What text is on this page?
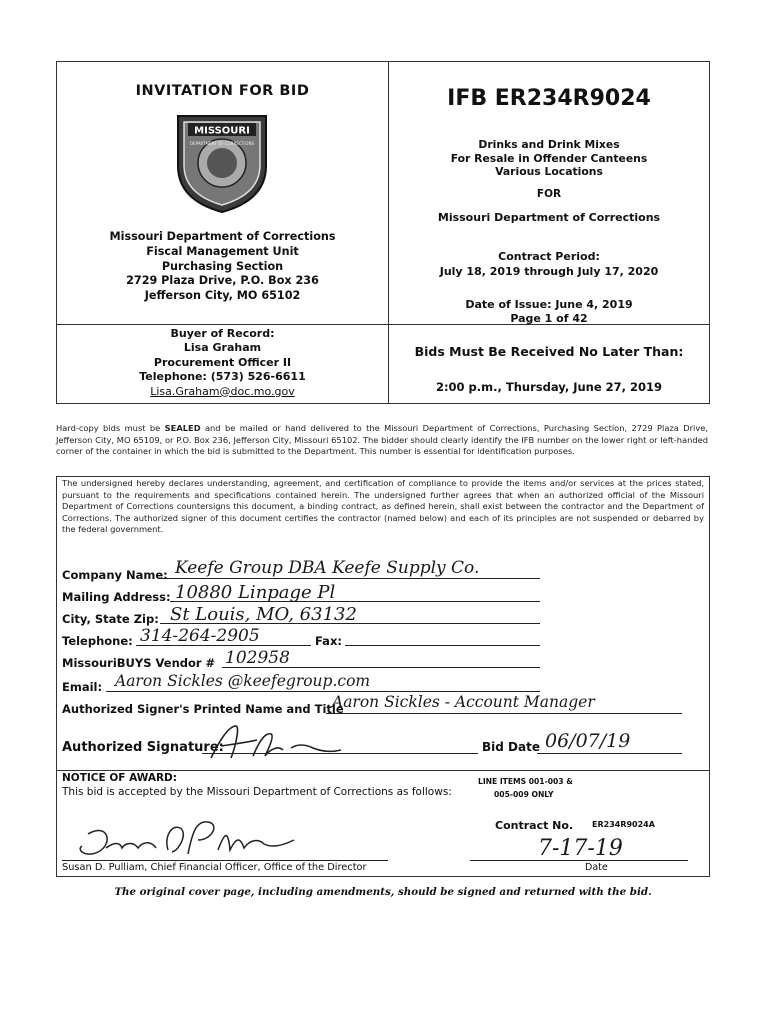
INVITATION FOR BID
MISSOURI
DEPARTMENT OF CORRECTIONS
Missouri Department of Corrections
Fiscal Management Unit
Purchasing Section
2729 Plaza Drive, P.O. Box 236
Jefferson City, MO 65102
Buyer of Record:
Lisa Graham
Procurement Officer II
Telephone: (573) 526-6611
Lisa.Graham@doc.mo.gov
IFB ER234R9024
Drinks and Drink Mixes
For Resale in Offender Canteens
Various Locations
FOR
Missouri Department of Corrections
Contract Period:
July 18, 2019 through July 17, 2020
Date of Issue: June 4, 2019
Page 1 of 42
Bids Must Be Received No Later Than:
2:00 p.m., Thursday, June 27, 2019
Hard-copy bids must be SEALED and be mailed or hand delivered to the Missouri Department of Corrections, Purchasing Section, 2729 Plaza Drive, Jefferson City, MO 65109, or P.O. Box 236, Jefferson City, Missouri 65102. The bidder should clearly identify the IFB number on the lower right or left-handed corner of the container in which the bid is submitted to the Department. This number is essential for identification purposes.
The undersigned hereby declares understanding, agreement, and certification of compliance to provide the items and/or services at the prices stated, pursuant to the requirements and specifications contained herein. The undersigned further agrees that when an authorized official of the Missouri Department of Corrections countersigns this document, a binding contract, as defined herein, shall exist between the contractor and the Department of Corrections. The authorized signer of this document certifies the contractor (named below) and each of its principles are not suspended or debarred by the federal government.
Company Name: Keefe Group DBA Keefe Supply Co.
Mailing Address: 10880 Linpage Pl
City, State Zip: St Louis, MO, 63132
Telephone: 314-264-2905	Fax:
MissouriBUYS Vendor # 102958
Email: Aaron Sickles @keefegroup.com
Authorized Signer's Printed Name and Title
Aaron Sickles - Account Manager
Authorized Signature:	Bid Date 06/07/19
NOTICE OF AWARD:
This bid is accepted by the Missouri Department of Corrections as follows:
LINE ITEMS 001-003 &
005-009 ONLY
Contract No. ER234R9024A
Susan D. Pulliam, Chief Financial Officer, Office of the Director
7-17-19
Date
The original cover page, including amendments, should be signed and returned with the bid.
